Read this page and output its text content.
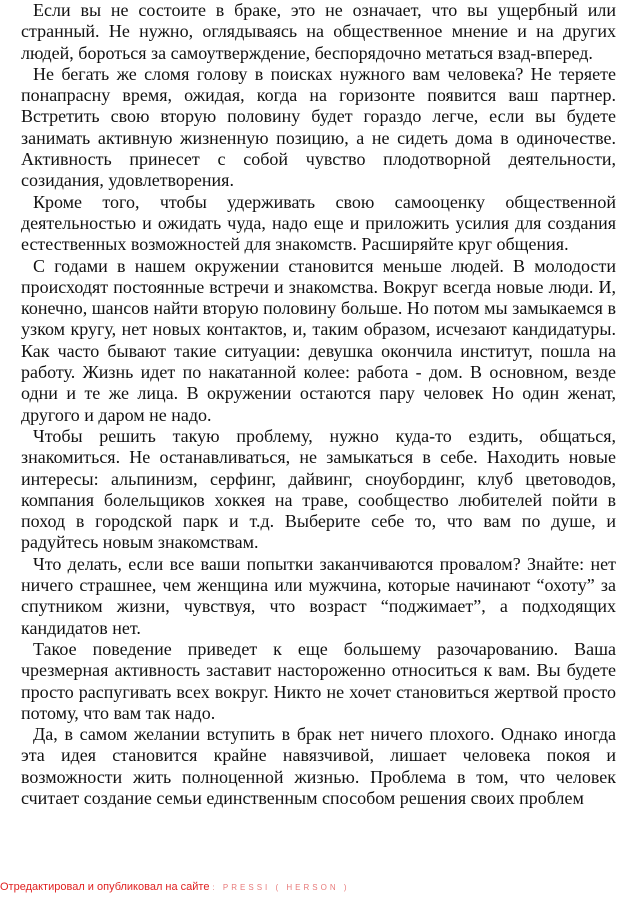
Если вы не состоите в браке, это не означает, что вы ущербный или странный. Не нужно, оглядываясь на общественное мнение и на других людей, бороться за самоутверждение, беспорядочно метаться взад-вперед.

Не бегать же сломя голову в поисках нужного вам человека? Не теряете понапрасну время, ожидая, когда на горизонте появится ваш партнер. Встретить свою вторую половину будет гораздо легче, если вы будете занимать активную жизненную позицию, а не сидеть дома в одиночестве. Активность принесет с собой чувство плодотворной деятельности, созидания, удовлетворения.

Кроме того, чтобы удерживать свою самооценку общественной деятельностью и ожидать чуда, надо еще и приложить усилия для создания естественных возможностей для знакомств. Расширяйте круг общения.

С годами в нашем окружении становится меньше людей. В молодости происходят постоянные встречи и знакомства. Вокруг всегда новые люди. И, конечно, шансов найти вторую половину больше. Но потом мы замыкаемся в узком кругу, нет новых контактов, и, таким образом, исчезают кандидатуры. Как часто бывают такие ситуации: девушка окончила институт, пошла на работу. Жизнь идет по накатанной колее: работа - дом. В основном, везде одни и те же лица. В окружении остаются пару человек Но один женат, другого и даром не надо.

Чтобы решить такую проблему, нужно куда-то ездить, общаться, знакомиться. Не останавливаться, не замыкаться в себе. Находить новые интересы: альпинизм, серфинг, дайвинг, сноубординг, клуб цветоводов, компания болельщиков хоккея на траве, сообщество любителей пойти в поход в городской парк и т.д. Выберите себе то, что вам по душе, и радуйтесь новым знакомствам.

Что делать, если все ваши попытки заканчиваются провалом? Знайте: нет ничего страшнее, чем женщина или мужчина, которые начинают “охоту” за спутником жизни, чувствуя, что возраст “поджимает”, а подходящих кандидатов нет.

Такое поведение приведет к еще большему разочарованию. Ваша чрезмерная активность заставит настороженно относиться к вам. Вы будете просто распугивать всех вокруг. Никто не хочет становиться жертвой просто потому, что вам так надо.

Да, в самом желании вступить в брак нет ничего плохого. Однако иногда эта идея становится крайне навязчивой, лишает человека покоя и возможности жить полноценной жизнью. Проблема в том, что человек считает создание семьи единственным способом решения своих проблем

Отредактировал и опубликовал на сайте : PRESSI ( HERSON )
